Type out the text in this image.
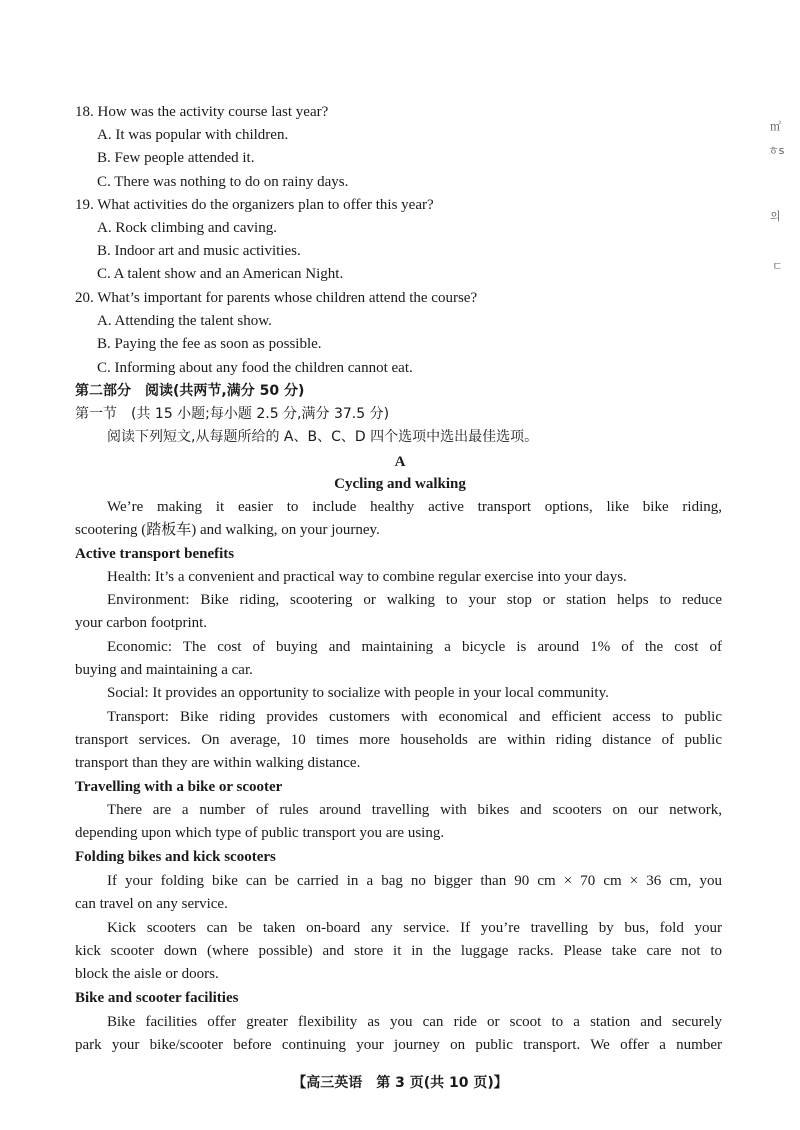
㎡
ㅎs
의
ㄷ
18. How was the activity course last year?
A. It was popular with children.
B. Few people attended it.
C. There was nothing to do on rainy days.
19. What activities do the organizers plan to offer this year?
A. Rock climbing and caving.
B. Indoor art and music activities.
C. A talent show and an American Night.
20. What’s important for parents whose children attend the course?
A. Attending the talent show.
B. Paying the fee as soon as possible.
C. Informing about any food the children cannot eat.
第二部分　阅读(共两节,满分 50 分)
第一节　(共 15 小题;每小题 2.5 分,满分 37.5 分)
阅读下列短文,从每题所给的 A、B、C、D 四个选项中选出最佳选项。
A
Cycling and walking
We’re making it easier to include healthy active transport options, like bike riding,
scootering (踏板车) and walking, on your journey.
Active transport benefits
Health: It’s a convenient and practical way to combine regular exercise into your days.
Environment: Bike riding, scootering or walking to your stop or station helps to reduce
your carbon footprint.
Economic: The cost of buying and maintaining a bicycle is around 1% of the cost of
buying and maintaining a car.
Social: It provides an opportunity to socialize with people in your local community.
Transport: Bike riding provides customers with economical and efficient access to public
transport services. On average, 10 times more households are within riding distance of public
transport than they are within walking distance.
Travelling with a bike or scooter
There are a number of rules around travelling with bikes and scooters on our network,
depending upon which type of public transport you are using.
Folding bikes and kick scooters
If your folding bike can be carried in a bag no bigger than 90 cm × 70 cm × 36 cm, you
can travel on any service.
Kick scooters can be taken on-board any service. If you’re travelling by bus, fold your
kick scooter down (where possible) and store it in the luggage racks. Please take care not to
block the aisle or doors.
Bike and scooter facilities
Bike facilities offer greater flexibility as you can ride or scoot to a station and securely
park your bike/scooter before continuing your journey on public transport. We offer a number
【高三英语　第 3 页(共 10 页)】
